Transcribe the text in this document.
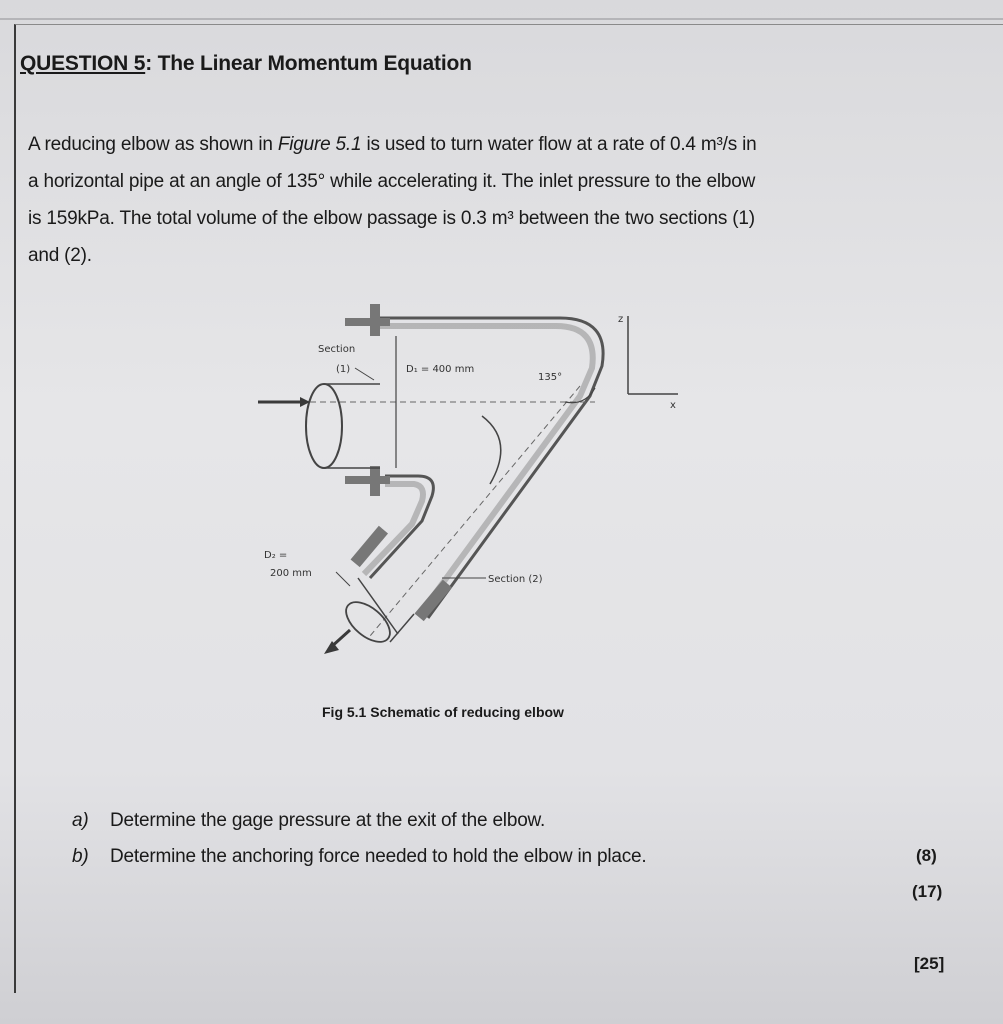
QUESTION 5: The Linear Momentum Equation
A reducing elbow as shown in Figure 5.1 is used to turn water flow at a rate of 0.4 m³/s in
a horizontal pipe at an angle of 135° while accelerating it. The inlet pressure to the elbow
is 159kPa. The total volume of the elbow passage is 0.3 m³ between the two sections (1)
and (2).
Section
(1)	D₁ = 400 mm
135°
D₂ =
200 mm
Section (2)
z
x
Fig 5.1 Schematic of reducing elbow
a) Determine the gage pressure at the exit of the elbow.
b) Determine the anchoring force needed to hold the elbow in place.	(8)
(17)
[25]
